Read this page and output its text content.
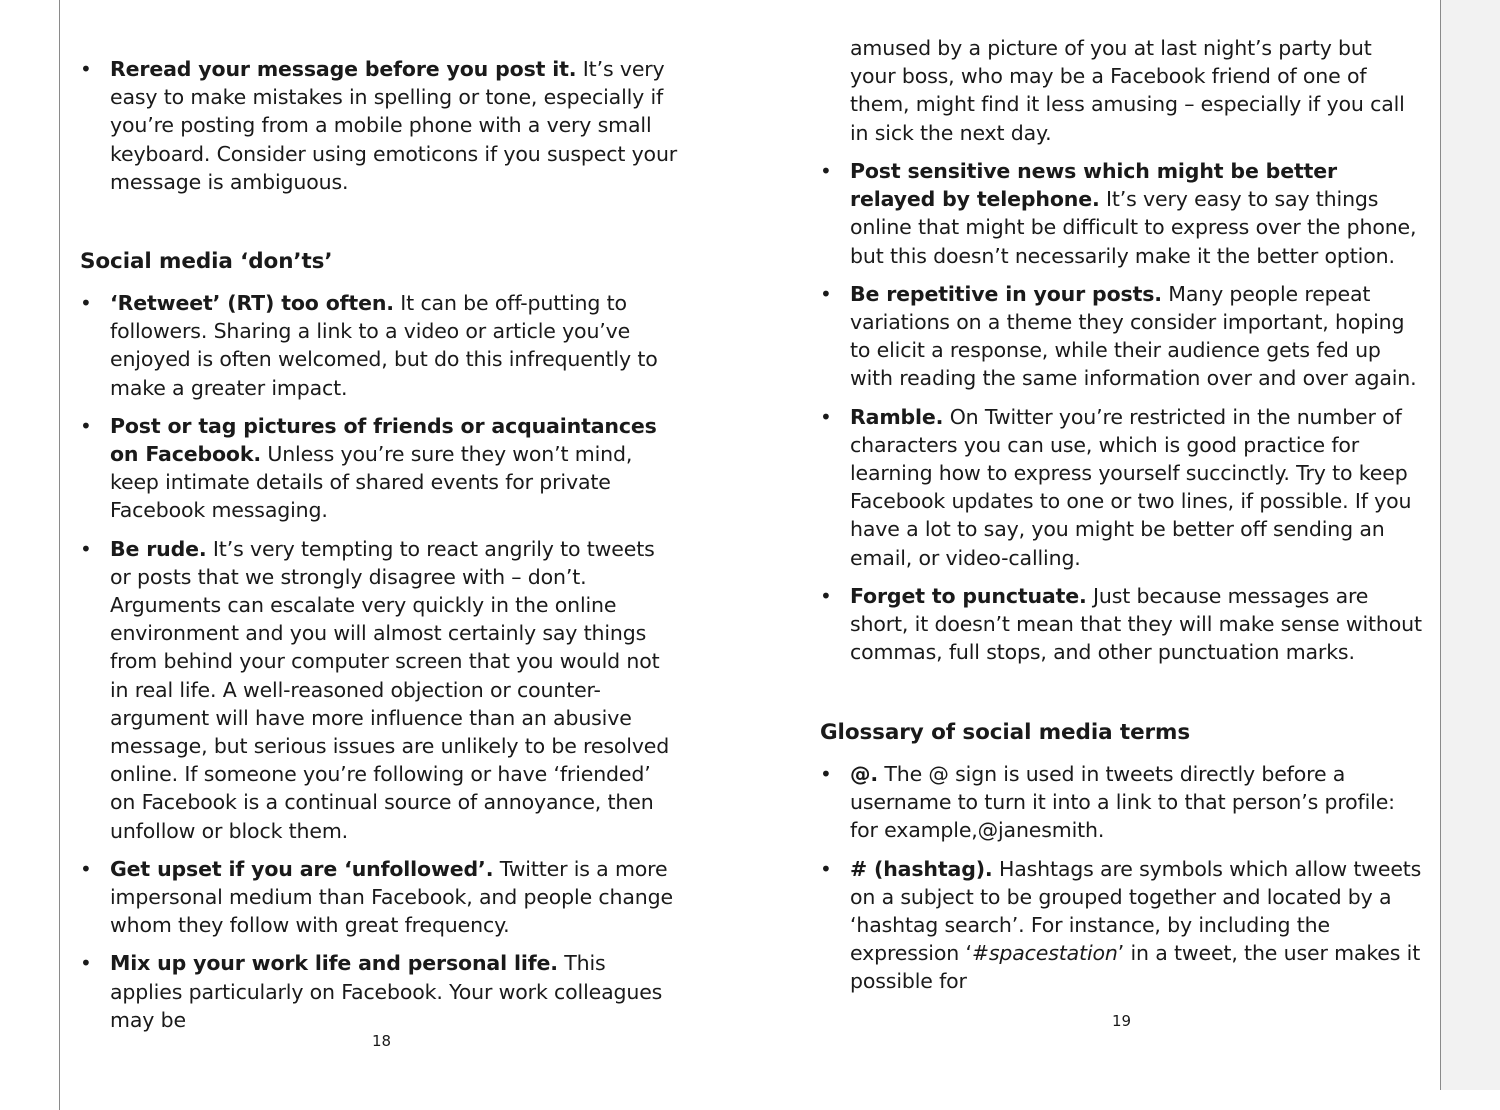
• Reread your message before you post it. It’s very easy to make mistakes in spelling or tone, especially if you’re posting from a mobile phone with a very small keyboard. Consider using emoticons if you suspect your message is ambiguous.
Social media ‘don’ts’
• ‘Retweet’ (RT) too often. It can be off-putting to followers. Sharing a link to a video or article you’ve enjoyed is often welcomed, but do this infrequently to make a greater impact.
• Post or tag pictures of friends or acquaintances on Facebook. Unless you’re sure they won’t mind, keep intimate details of shared events for private Facebook messaging.
• Be rude. It’s very tempting to react angrily to tweets or posts that we strongly disagree with – don’t. Arguments can escalate very quickly in the online environment and you will almost certainly say things from behind your computer screen that you would not in real life. A well-reasoned objection or counter-argument will have more influence than an abusive message, but serious issues are unlikely to be resolved online. If someone you’re following or have ‘friended’ on Facebook is a continual source of annoyance, then unfollow or block them.
• Get upset if you are ‘unfollowed’. Twitter is a more impersonal medium than Facebook, and people change whom they follow with great frequency.
• Mix up your work life and personal life. This applies particularly on Facebook. Your work colleagues may be
18

amused by a picture of you at last night’s party but your boss, who may be a Facebook friend of one of them, might find it less amusing – especially if you call in sick the next day.

• Post sensitive news which might be better relayed by telephone. It’s very easy to say things online that might be difficult to express over the phone, but this doesn’t necessarily make it the better option.
• Be repetitive in your posts. Many people repeat variations on a theme they consider important, hoping to elicit a response, while their audience gets fed up with reading the same information over and over again.
• Ramble. On Twitter you’re restricted in the number of characters you can use, which is good practice for learning how to express yourself succinctly. Try to keep Facebook updates to one or two lines, if possible. If you have a lot to say, you might be better off sending an email, or video-calling.
• Forget to punctuate. Just because messages are short, it doesn’t mean that they will make sense without commas, full stops, and other punctuation marks.
Glossary of social media terms
• @. The @ sign is used in tweets directly before a username to turn it into a link to that person’s profile: for example,@janesmith.
• # (hashtag). Hashtags are symbols which allow tweets on a subject to be grouped together and located by a ‘hashtag search’. For instance, by including the expression ‘#spacestation’ in a tweet, the user makes it possible for
19
